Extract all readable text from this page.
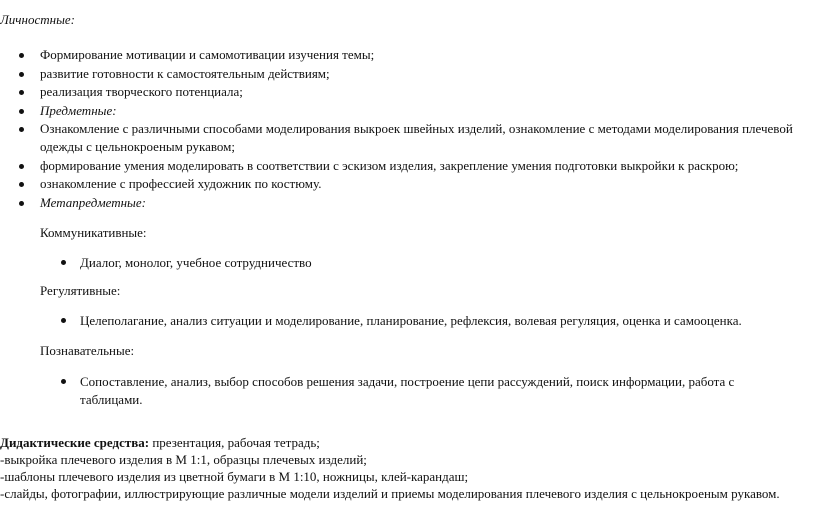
Личностные:

Формирование мотивации и самомотивации изучения темы;
развитие готовности к самостоятельным действиям;
реализация творческого потенциала;
Предметные:
Ознакомление с различными способами моделирования выкроек швейных изделий, ознакомление с методами моделирования плечевой одежды с цельнокроеным рукавом;
формирование умения моделировать в соответствии с эскизом изделия, закрепление умения подготовки выкройки к раскрою;
ознакомление с профессией художник по костюму.
Метапредметные:

Коммуникативные:

Диалог, монолог, учебное сотрудничество

Регулятивные:

Целеполагание, анализ ситуации и моделирование, планирование, рефлексия, волевая регуляция, оценка и самооценка.

Познавательные:

Сопоставление, анализ, выбор способов решения задачи, построение цепи рассуждений, поиск информации, работа с таблицами.

Дидактические средства: презентация, рабочая тетрадь;

-выкройка плечевого изделия в М 1:1, образцы плечевых изделий;

-шаблоны плечевого изделия из цветной бумаги в М 1:10, ножницы, клей-карандаш;

-слайды, фотографии, иллюстрирующие различные модели изделий и приемы моделирования плечевого изделия с цельнокроеным рукавом.
